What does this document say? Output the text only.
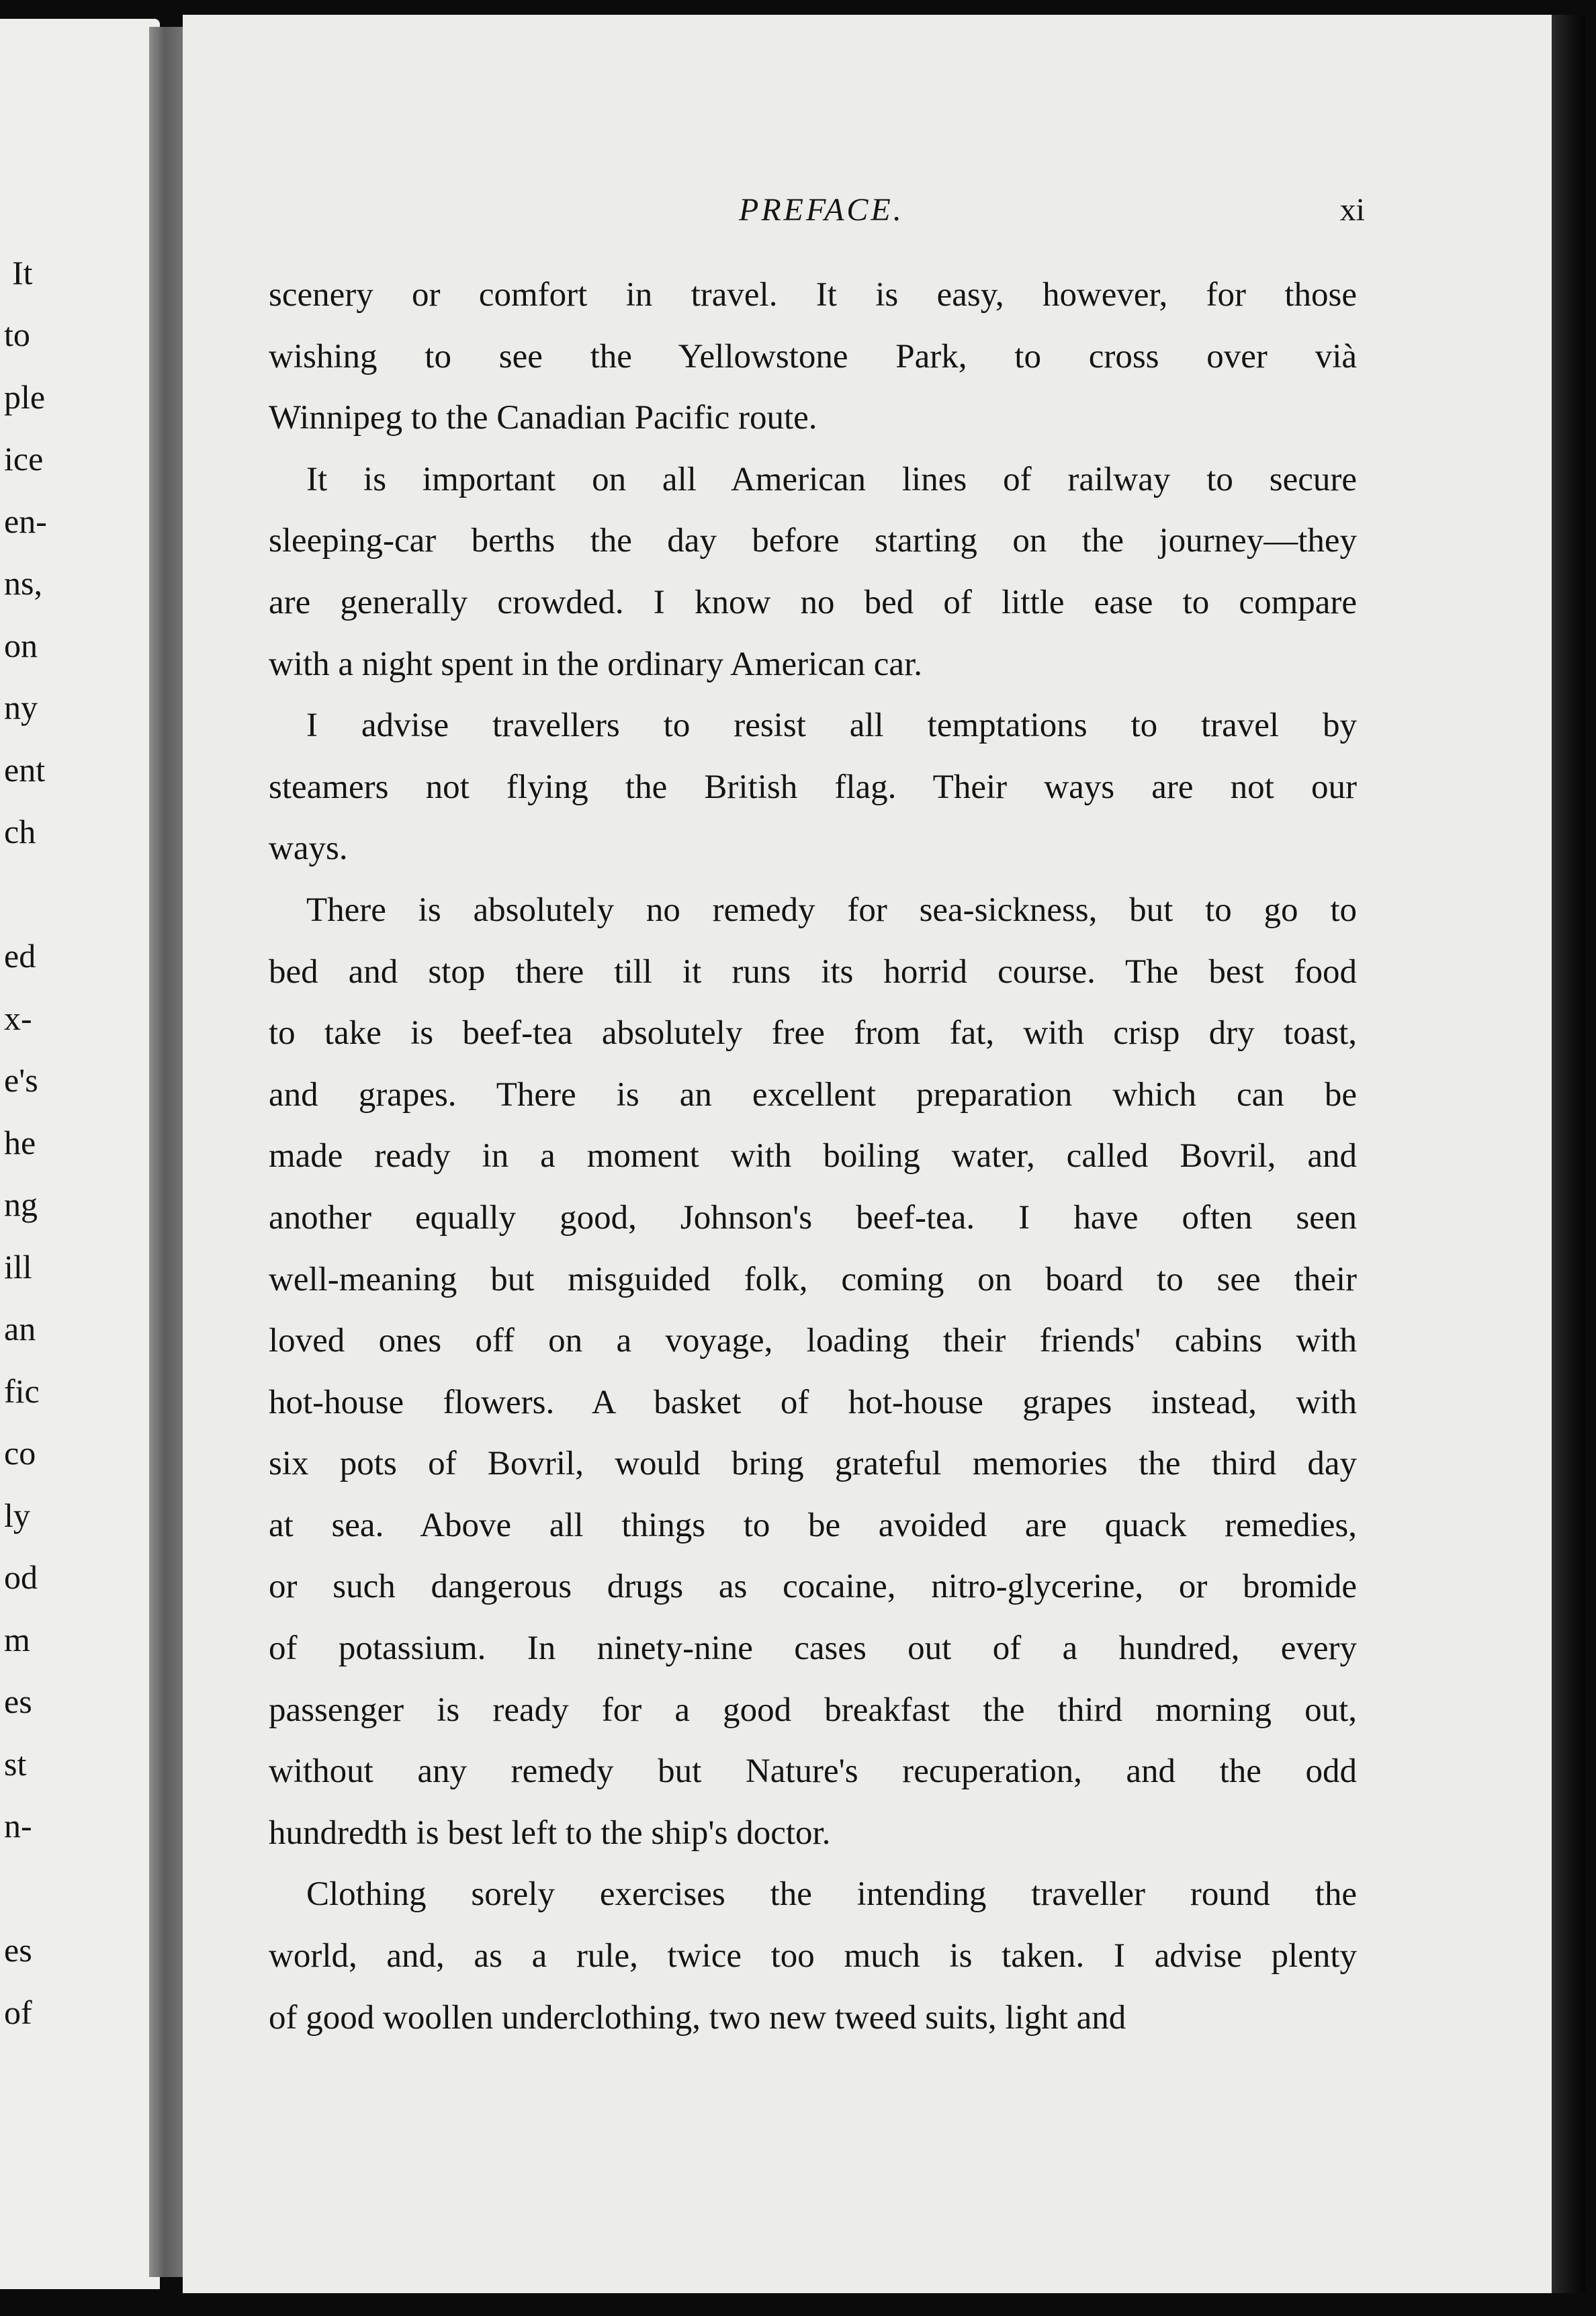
It
to
ple
ice
en-
ns,
on
ny
ent
ch
ed
x-
e's
he
ng
ill
an
fic
co
ly
od
m
es
st
n-
es
of
PREFACE.	xi
scenery or comfort in travel. It is easy, however, for those
wishing to see the Yellowstone Park, to cross over vià
Winnipeg to the Canadian Pacific route.
It is important on all American lines of railway to secure
sleeping-car berths the day before starting on the journey—they
are generally crowded. I know no bed of little ease to compare
with a night spent in the ordinary American car.
I advise travellers to resist all temptations to travel by
steamers not flying the British flag. Their ways are not our
ways.
There is absolutely no remedy for sea-sickness, but to go to
bed and stop there till it runs its horrid course. The best food
to take is beef-tea absolutely free from fat, with crisp dry toast,
and grapes. There is an excellent preparation which can be
made ready in a moment with boiling water, called Bovril, and
another equally good, Johnson's beef-tea. I have often seen
well-meaning but misguided folk, coming on board to see their
loved ones off on a voyage, loading their friends' cabins with
hot-house flowers. A basket of hot-house grapes instead, with
six pots of Bovril, would bring grateful memories the third day
at sea. Above all things to be avoided are quack remedies,
or such dangerous drugs as cocaine, nitro-glycerine, or bromide
of potassium. In ninety-nine cases out of a hundred, every
passenger is ready for a good breakfast the third morning out,
without any remedy but Nature's recuperation, and the odd
hundredth is best left to the ship's doctor.
Clothing sorely exercises the intending traveller round the
world, and, as a rule, twice too much is taken. I advise plenty
of good woollen underclothing, two new tweed suits, light and
